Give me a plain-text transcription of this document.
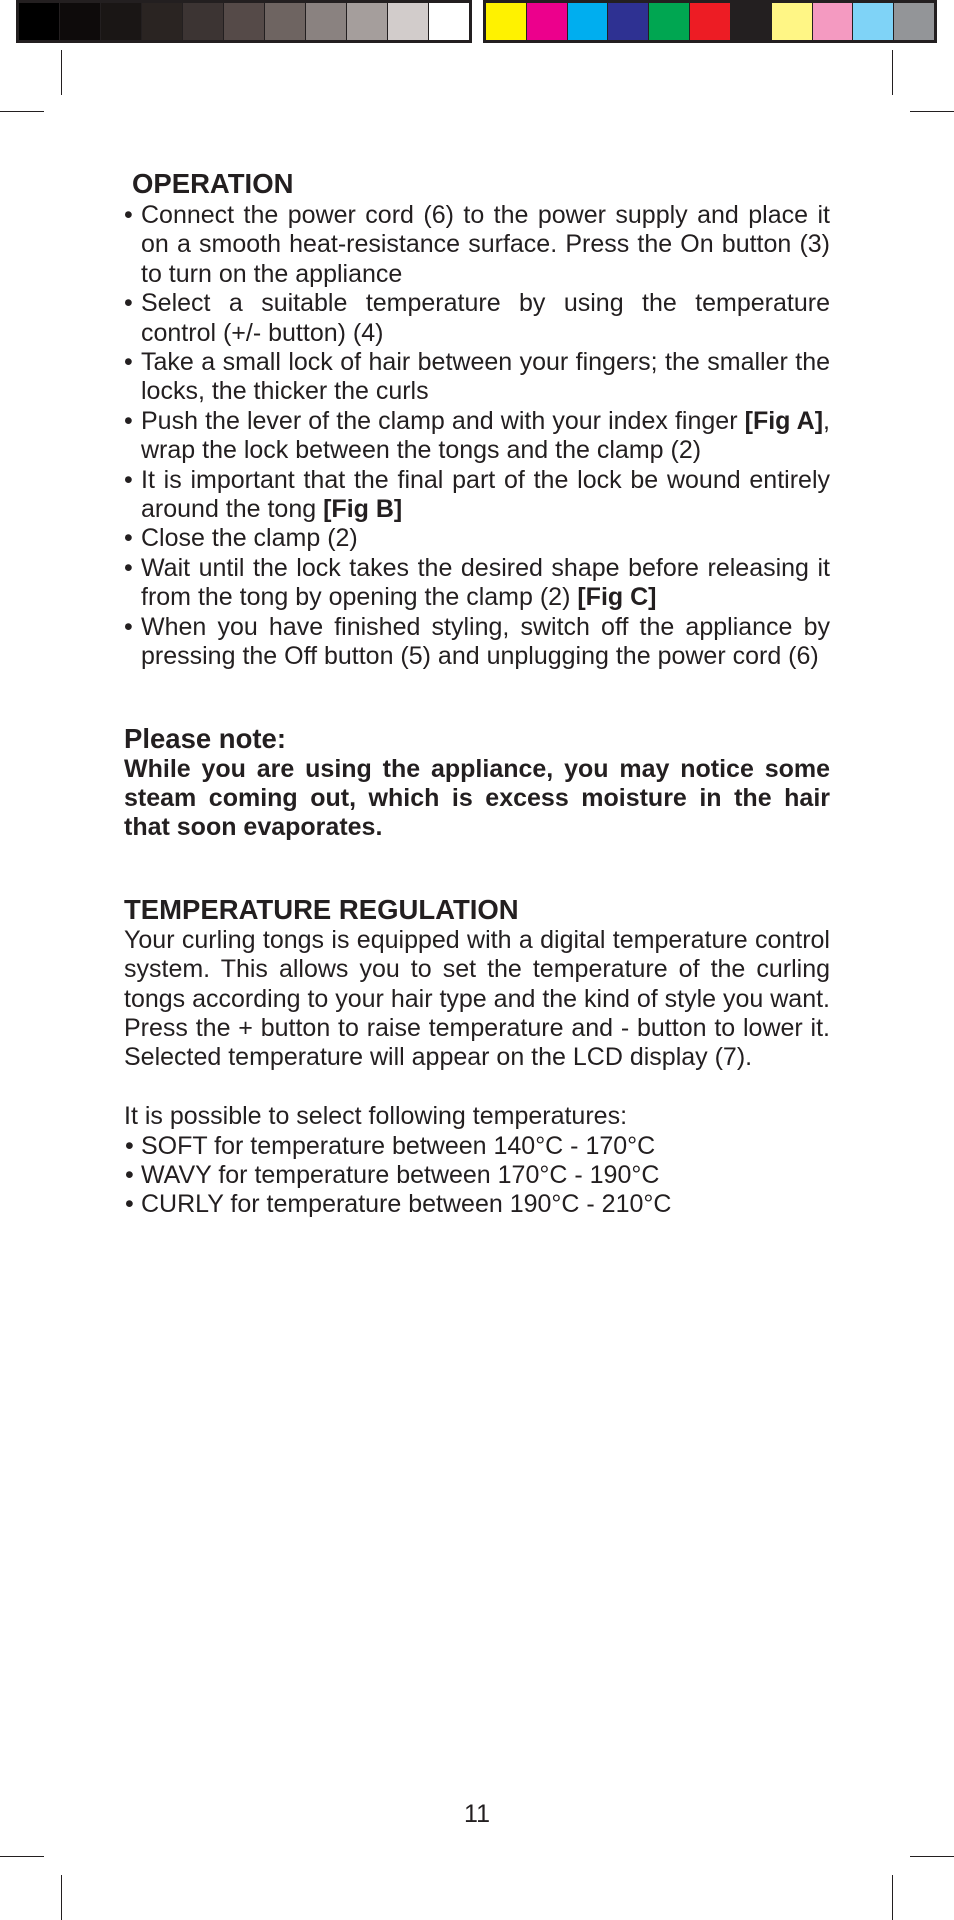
OPERATION
• Connect the power cord (6) to the power supply and place it on a smooth heat-resistance surface. Press the On button (3) to turn on the appliance
• Select a suitable temperature by using the temperature control (+/- button) (4)
• Take a small lock of hair between your fingers; the smaller the locks, the thicker the curls
• Push the lever of the clamp and with your index finger [Fig A], wrap the lock between the tongs and the clamp (2)
• It is important that the final part of the lock be wound entirely around the tong [Fig B]
• Close the clamp (2)
• Wait until the lock takes the desired shape before releasing it from the tong by opening the clamp (2) [Fig C]
• When you have finished styling, switch off the appliance by pressing the Off button (5) and unplugging the power cord (6)
Please note:

While you are using the appliance, you may notice some steam coming out, which is excess moisture in the hair that soon evaporates.

TEMPERATURE REGULATION

Your curling tongs is equipped with a digital temperature control system. This allows you to set the temperature of the curling tongs according to your hair type and the kind of style you want. Press the + button to raise temperature and - button to lower it. Selected temperature will appear on the LCD display (7).

It is possible to select following temperatures:

• SOFT for temperature between 140°C - 170°C
• WAVY for temperature between 170°C - 190°C
• CURLY for temperature between 190°C - 210°C
11
